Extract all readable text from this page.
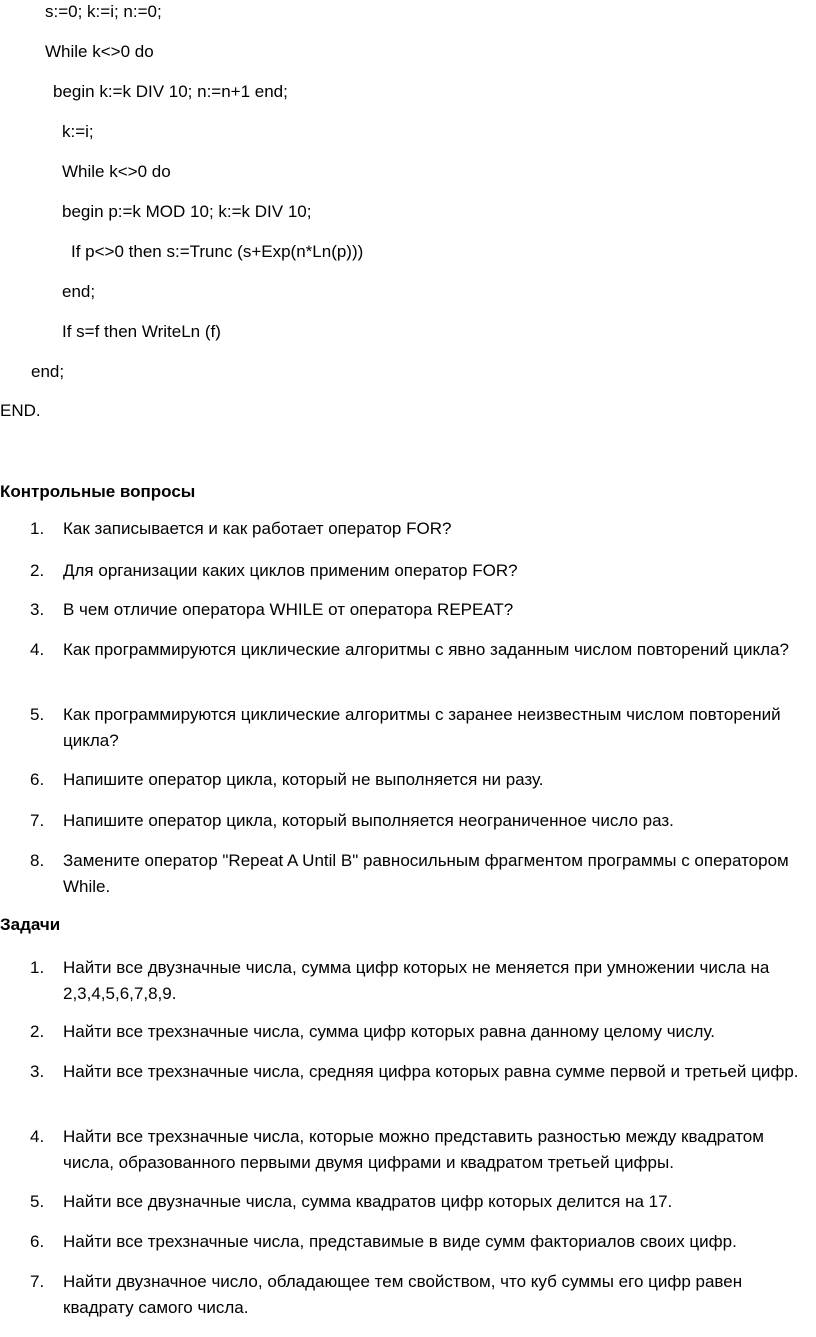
s:=0; k:=i; n:=0;
While k<>0 do
begin k:=k DIV 10; n:=n+1 end;
k:=i;
While k<>0 do
begin p:=k MOD 10; k:=k DIV 10;
If p<>0 then s:=Trunc (s+Exp(n*Ln(p)))
end;
If s=f then WriteLn (f)
end;
END.
Контрольные вопросы
1. Как записывается и как работает оператор FOR?
2. Для организации каких циклов применим оператор FOR?
3. В чем отличие оператора WHILE от оператора REPEAT?
4. Как программируются циклические алгоритмы с явно заданным числом повторений цикла?
5. Как программируются циклические алгоритмы с заранее неизвестным числом повторений цикла?
6. Напишите оператор цикла, который не выполняется ни разу.
7. Напишите оператор цикла, который выполняется неограниченное число раз.
8. Замените оператор "Repeat A Until B" равносильным фрагментом программы с оператором While.
Задачи
1. Найти все двузначные числа, сумма цифр которых не меняется при умножении числа на 2,3,4,5,6,7,8,9.
2. Найти все трехзначные числа, сумма цифр которых равна данному целому числу.
3. Найти все трехзначные числа, средняя цифра которых равна сумме первой и третьей цифр.
4. Найти все трехзначные числа, которые можно представить разностью между квадратом числа, образованного первыми двумя цифрами и квадратом третьей цифры.
5. Найти все двузначные числа, сумма квадратов цифр которых делится на 17.
6. Найти все трехзначные числа, представимые в виде сумм факториалов своих цифр.
7. Найти двузначное число, обладающее тем свойством, что куб суммы его цифр равен квадрату самого числа.
